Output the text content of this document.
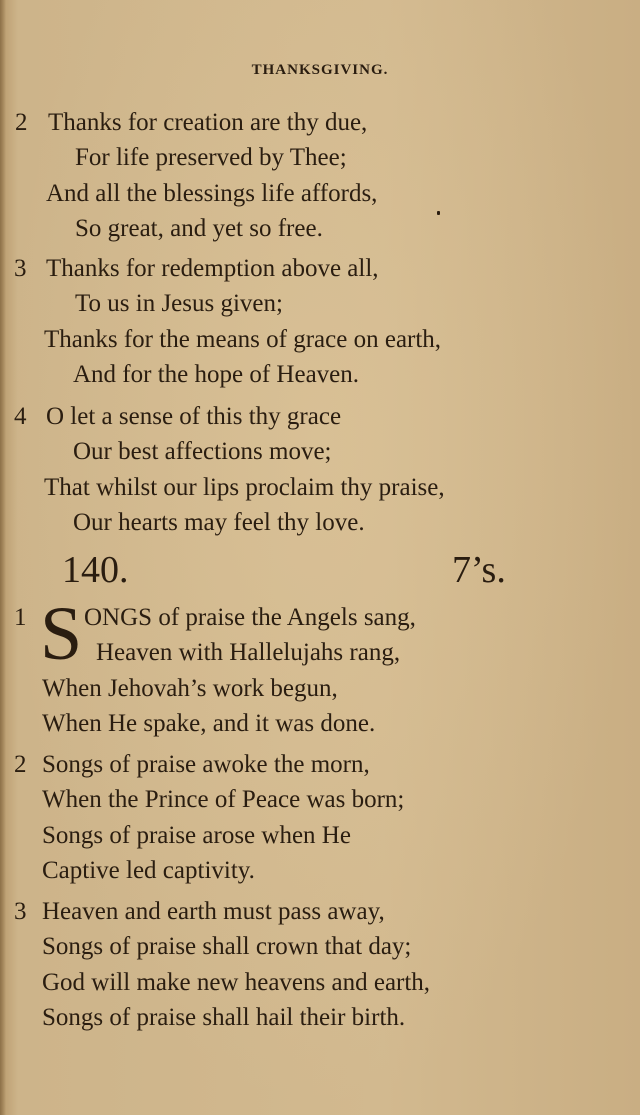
THANKSGIVING.
2 Thanks for creation are thy due,
For life preserved by Thee;
And all the blessings life affords,
So great, and yet so free.
3 Thanks for redemption above all,
To us in Jesus given;
Thanks for the means of grace on earth,
And for the hope of Heaven.
4 O let a sense of this thy grace
Our best affections move;
That whilst our lips proclaim thy praise,
Our hearts may feel thy love.
140.	7’s.
S
1 ONGS of praise the Angels sang,
Heaven with Hallelujahs rang,
When Jehovah’s work begun,
When He spake, and it was done.
2 Songs of praise awoke the morn,
When the Prince of Peace was born;
Songs of praise arose when He
Captive led captivity.
3 Heaven and earth must pass away,
Songs of praise shall crown that day;
God will make new heavens and earth,
Songs of praise shall hail their birth.
